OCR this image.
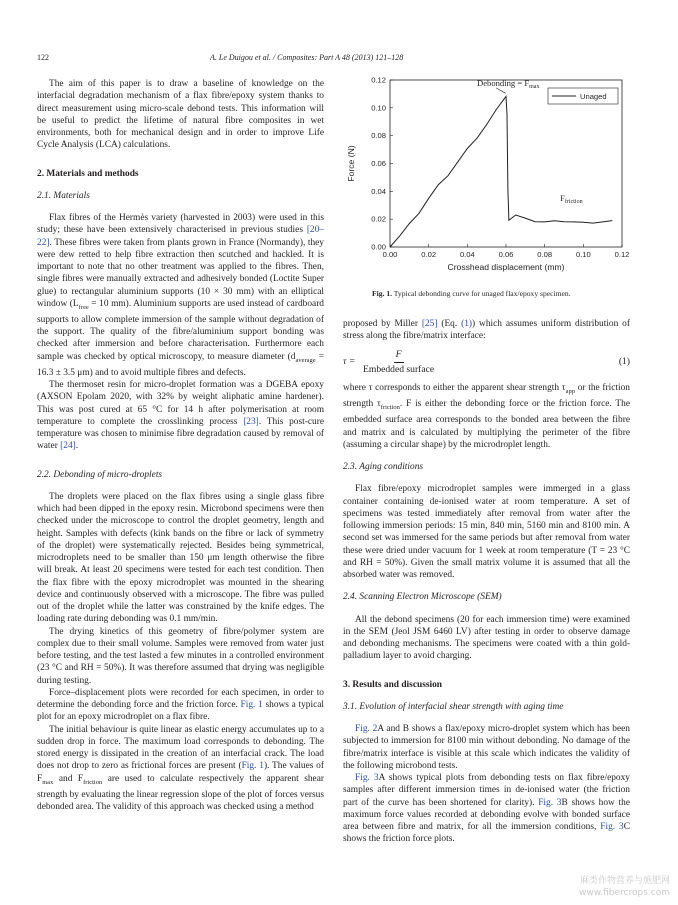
122	A. Le Duigou et al. / Composites: Part A 48 (2013) 121–128

The aim of this paper is to draw a baseline of knowledge on the interfacial degradation mechanism of a flax fibre/epoxy system thanks to direct measurement using micro-scale debond tests. This information will be useful to predict the lifetime of natural fibre composites in wet environments, both for mechanical design and in order to improve Life Cycle Analysis (LCA) calculations.

2. Materials and methods

2.1. Materials

Flax fibres of the Hermès variety (harvested in 2003) were used in this study; these have been extensively characterised in previous studies [20–22]. These fibres were taken from plants grown in France (Normandy), they were dew retted to help fibre extraction then scutched and hackled. It is important to note that no other treatment was applied to the fibres. Then, single fibres were manually extracted and adhesively bonded (Loctite Super glue) to rectangular aluminium supports (10 × 30 mm) with an elliptical window ($L_{free} = 10$ mm). Aluminium supports are used instead of cardboard supports to allow complete immersion of the sample without degradation of the support. The quality of the fibre/aluminium support bonding was checked after immersion and before characterisation. Furthermore each sample was checked by optical microscopy, to measure diameter ($d_{average} = 16.3 \pm 3.5$ μm) and to avoid multiple fibres and defects.

The thermoset resin for micro-droplet formation was a DGEBA epoxy (AXSON Epolam 2020, with 32% by weight aliphatic amine hardener). This was post cured at 65 °C for 14 h after polymerisation at room temperature to complete the crosslinking process [23]. This post-cure temperature was chosen to minimise fibre degradation caused by removal of water [24].

2.2. Debonding of micro-droplets

The droplets were placed on the flax fibres using a single glass fibre which had been dipped in the epoxy resin. Microbond specimens were then checked under the microscope to control the droplet geometry, length and height. Samples with defects (kink bands on the fibre or lack of symmetry of the droplet) were systematically rejected. Besides being symmetrical, microdroplets need to be smaller than 150 μm length otherwise the fibre will break. At least 20 specimens were tested for each test condition. Then the flax fibre with the epoxy microdroplet was mounted in the shearing device and continuously observed with a microscope. The fibre was pulled out of the droplet while the latter was constrained by the knife edges. The loading rate during debonding was 0.1 mm/min.

The drying kinetics of this geometry of fibre/polymer system are complex due to their small volume. Samples were removed from water just before testing, and the test lasted a few minutes in a controlled environment (23 °C and RH = 50%). It was therefore assumed that drying was negligible during testing.

Force–displacement plots were recorded for each specimen, in order to determine the debonding force and the friction force. Fig. 1 shows a typical plot for an epoxy microdroplet on a flax fibre.

The initial behaviour is quite linear as elastic energy accumulates up to a sudden drop in force. The maximum load corresponds to debonding. The stored energy is dissipated in the creation of an interfacial crack. The load does not drop to zero as frictional forces are present (Fig. 1). The values of $F_{max}$ and $F_{friction}$ are used to calculate respectively the apparent shear strength by evaluating the linear regression slope of the plot of forces versus debonded area. The validity of this approach was checked using a method

0.00	0.02	0.04	0.06	0.08	0.10	0.12
0.00
0.02
0.04
0.06
0.08
0.10
0.12
Force (N)
Crosshead displacement (mm)
Unaged
Debonding = $F_{max}$
$F_{friction}$
Fig. 1. Typical debonding curve for unaged flax/epoxy specimen.

proposed by Miller [25] (Eq. (1)) which assumes uniform distribution of stress along the fibre/matrix interface:

$\tau = \frac{F}{\text{Embedded surface}}$	(1)

where τ corresponds to either the apparent shear strength $\tau_{app}$ or the friction strength $\tau_{friction}$. F is either the debonding force or the friction force. The embedded surface area corresponds to the bonded area between the fibre and matrix and is calculated by multiplying the perimeter of the fibre (assuming a circular shape) by the microdroplet length.

2.3. Aging conditions

Flax fibre/epoxy microdroplet samples were immerged in a glass container containing de-ionised water at room temperature. A set of specimens was tested immediately after removal from water after the following immersion periods: 15 min, 840 min, 5160 min and 8100 min. A second set was immersed for the same periods but after removal from water these were dried under vacuum for 1 week at room temperature (T = 23 °C and RH = 50%). Given the small matrix volume it is assumed that all the absorbed water was removed.

2.4. Scanning Electron Microscope (SEM)

All the debond specimens (20 for each immersion time) were examined in the SEM (Jeol JSM 6460 LV) after testing in order to observe damage and debonding mechanisms. The specimens were coated with a thin gold-palladium layer to avoid charging.

3. Results and discussion

3.1. Evolution of interfacial shear strength with aging time

Fig. 2A and B shows a flax/epoxy micro-droplet system which has been subjected to immersion for 8100 min without debonding. No damage of the fibre/matrix interface is visible at this scale which indicates the validity of the following microbond tests.

Fig. 3A shows typical plots from debonding tests on flax fibre/epoxy samples after different immersion times in de-ionised water (the friction part of the curve has been shortened for clarity). Fig. 3B shows how the maximum force values recorded at debonding evolve with bonded surface area between fibre and matrix, for all the immersion conditions, Fig. 3C shows the friction force plots.

麻类作物营养与施肥网
www.fibercrops.com
